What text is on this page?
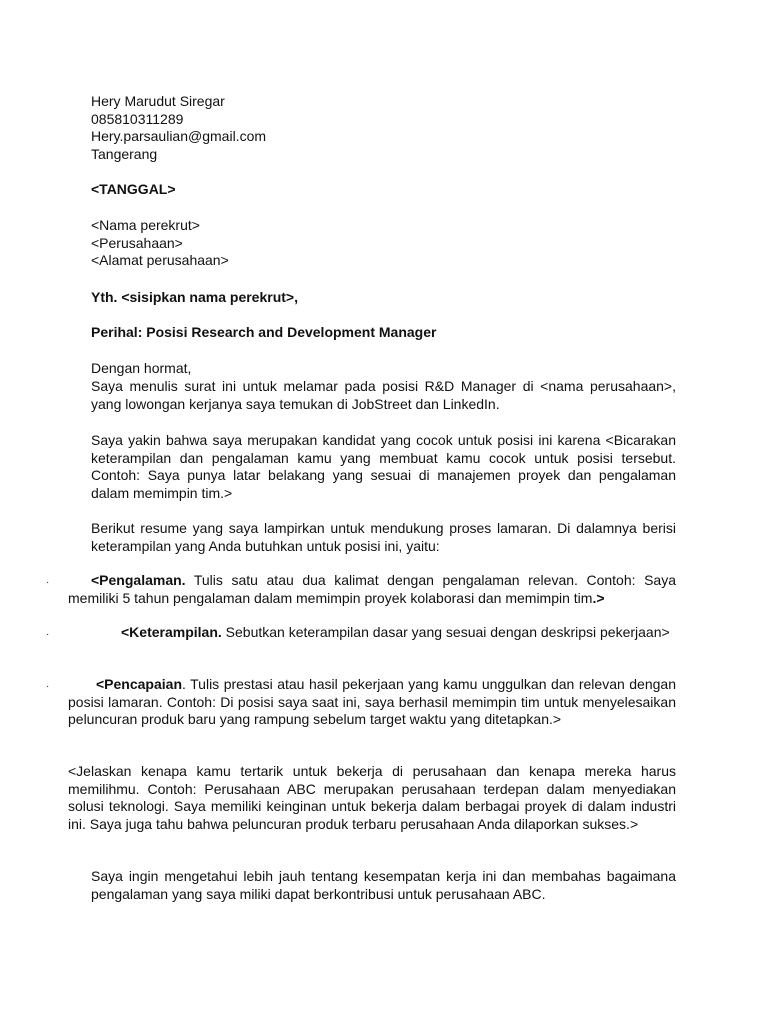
Hery Marudut Siregar
085810311289
Hery.parsaulian@gmail.com
Tangerang
<TANGGAL>
<Nama perekrut>
<Perusahaan>
<Alamat perusahaan>
Yth. <sisipkan nama perekrut>,
Perihal: Posisi Research and Development Manager
Dengan hormat,
Saya menulis surat ini untuk melamar pada posisi R&D Manager di <nama perusahaan>, yang lowongan kerjanya saya temukan di JobStreet dan LinkedIn.
Saya yakin bahwa saya merupakan kandidat yang cocok untuk posisi ini karena <Bicarakan keterampilan dan pengalaman kamu yang membuat kamu cocok untuk posisi tersebut. Contoh: Saya punya latar belakang yang sesuai di manajemen proyek dan pengalaman dalam memimpin tim.>
Berikut resume yang saya lampirkan untuk mendukung proses lamaran. Di dalamnya berisi keterampilan yang Anda butuhkan untuk posisi ini, yaitu:
·	<Pengalaman. Tulis satu atau dua kalimat dengan pengalaman relevan. Contoh: Saya memiliki 5 tahun pengalaman dalam memimpin proyek kolaborasi dan memimpin tim.>
·	<Keterampilan. Sebutkan keterampilan dasar yang sesuai dengan deskripsi pekerjaan>
·	<Pencapaian. Tulis prestasi atau hasil pekerjaan yang kamu unggulkan dan relevan dengan posisi lamaran. Contoh: Di posisi saya saat ini, saya berhasil memimpin tim untuk menyelesaikan peluncuran produk baru yang rampung sebelum target waktu yang ditetapkan.>
<Jelaskan kenapa kamu tertarik untuk bekerja di perusahaan dan kenapa mereka harus memilihmu. Contoh: Perusahaan ABC merupakan perusahaan terdepan dalam menyediakan solusi teknologi. Saya memiliki keinginan untuk bekerja dalam berbagai proyek di dalam industri ini. Saya juga tahu bahwa peluncuran produk terbaru perusahaan Anda dilaporkan sukses.>
Saya ingin mengetahui lebih jauh tentang kesempatan kerja ini dan membahas bagaimana pengalaman yang saya miliki dapat berkontribusi untuk perusahaan ABC.
